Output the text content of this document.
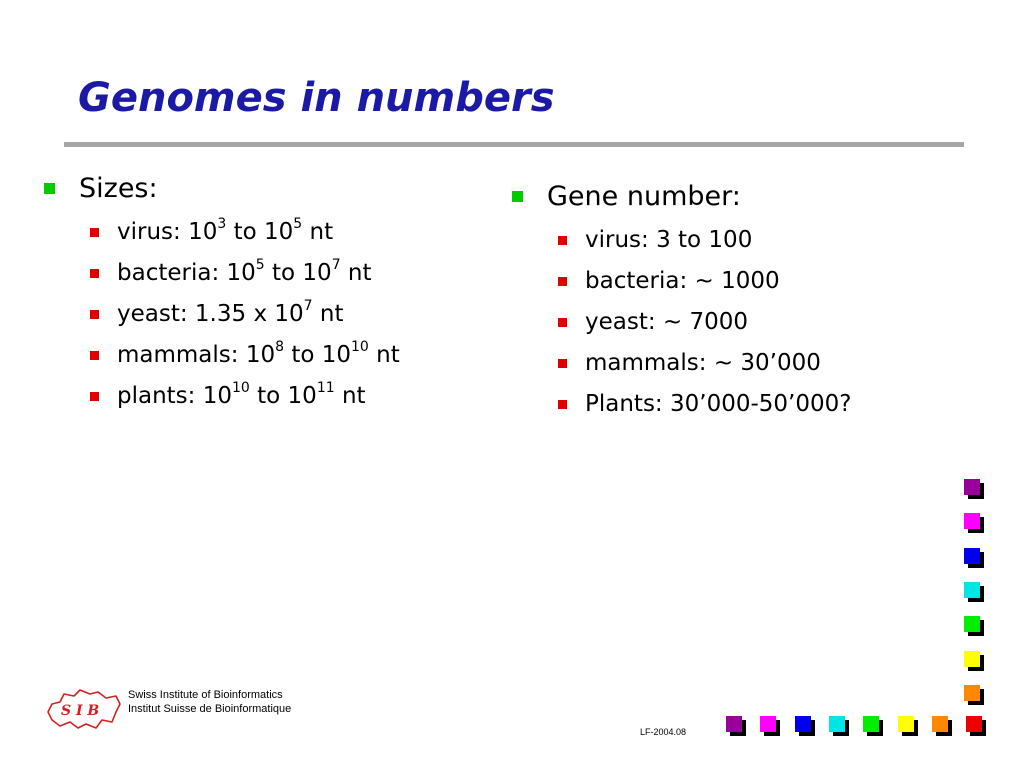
Genomes in numbers
Sizes:
virus: $10^3$ to $10^5$ nt
bacteria: $10^5$ to $10^7$ nt
yeast: 1.35 x $10^7$ nt
mammals: $10^8$ to $10^{10}$ nt
plants: $10^{10}$ to $10^{11}$ nt
Gene number:
virus: 3 to 100
bacteria: ~ 1000
yeast: ~ 7000
mammals: ~ 30’000
Plants: 30’000-50’000?
S I B
Swiss Institute of Bioinformatics
Institut Suisse de Bioinformatique
LF-2004.08
